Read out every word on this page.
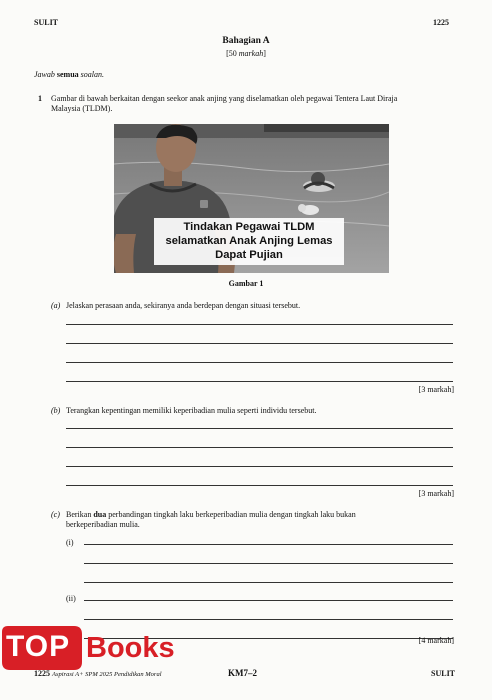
SULIT	1225
Bahagian A
[50 markah]
Jawab semua soalan.
1 Gambar di bawah berkaitan dengan seekor anak anjing yang diselamatkan oleh pegawai Tentera Laut Diraja
Malaysia (TLDM).
Tindakan Pegawai TLDM
selamatkan Anak Anjing Lemas
Dapat Pujian
Gambar 1
(a) Jelaskan perasaan anda, sekiranya anda berdepan dengan situasi tersebut.
[3 markah]
(b) Terangkan kepentingan memiliki keperibadian mulia seperti individu tersebut.
[3 markah]
(c) Berikan dua perbandingan tingkah laku berkeperibadian mulia dengan tingkah laku bukan
berkeperibadian mulia.
(i)
(ii)
[4 markah]
TOP Books
1225 Aspirasi A+ SPM 2025 Pendidikan Moral	KM7–2	SULIT
